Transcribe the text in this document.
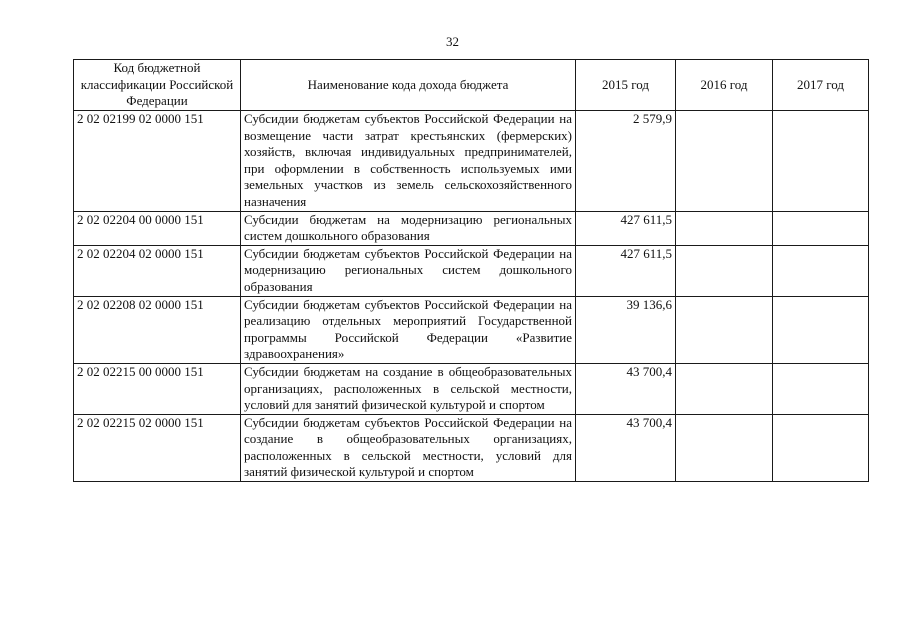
32
Код бюджетной классификации Российской Федерации	Наименование кода дохода бюджета	2015 год	2016 год	2017 год
2 02 02199 02 0000 151	Субсидии бюджетам субъектов Российской Федерации на возмещение части затрат крестьянских (фермерских) хозяйств, включая индивидуальных предпринимателей, при оформлении в собственность используемых ими земельных участков из земель сельскохозяйственного назначения	2 579,9		
2 02 02204 00 0000 151	Субсидии бюджетам на модернизацию региональных систем дошкольного образования	427 611,5		
2 02 02204 02 0000 151	Субсидии бюджетам субъектов Российской Федерации на модернизацию региональных систем дошкольного образования	427 611,5		
2 02 02208 02 0000 151	Субсидии бюджетам субъектов Российской Федерации на реализацию отдельных мероприятий Государственной программы Российской Федерации «Развитие здравоохранения»	39 136,6		
2 02 02215 00 0000 151	Субсидии бюджетам на создание в общеобразовательных организациях, расположенных в сельской местности, условий для занятий физической культурой и спортом	43 700,4		
2 02 02215 02 0000 151	Субсидии бюджетам субъектов Российской Федерации на создание в общеобразовательных организациях, расположенных в сельской местности, условий для занятий физической культурой и спортом	43 700,4		
